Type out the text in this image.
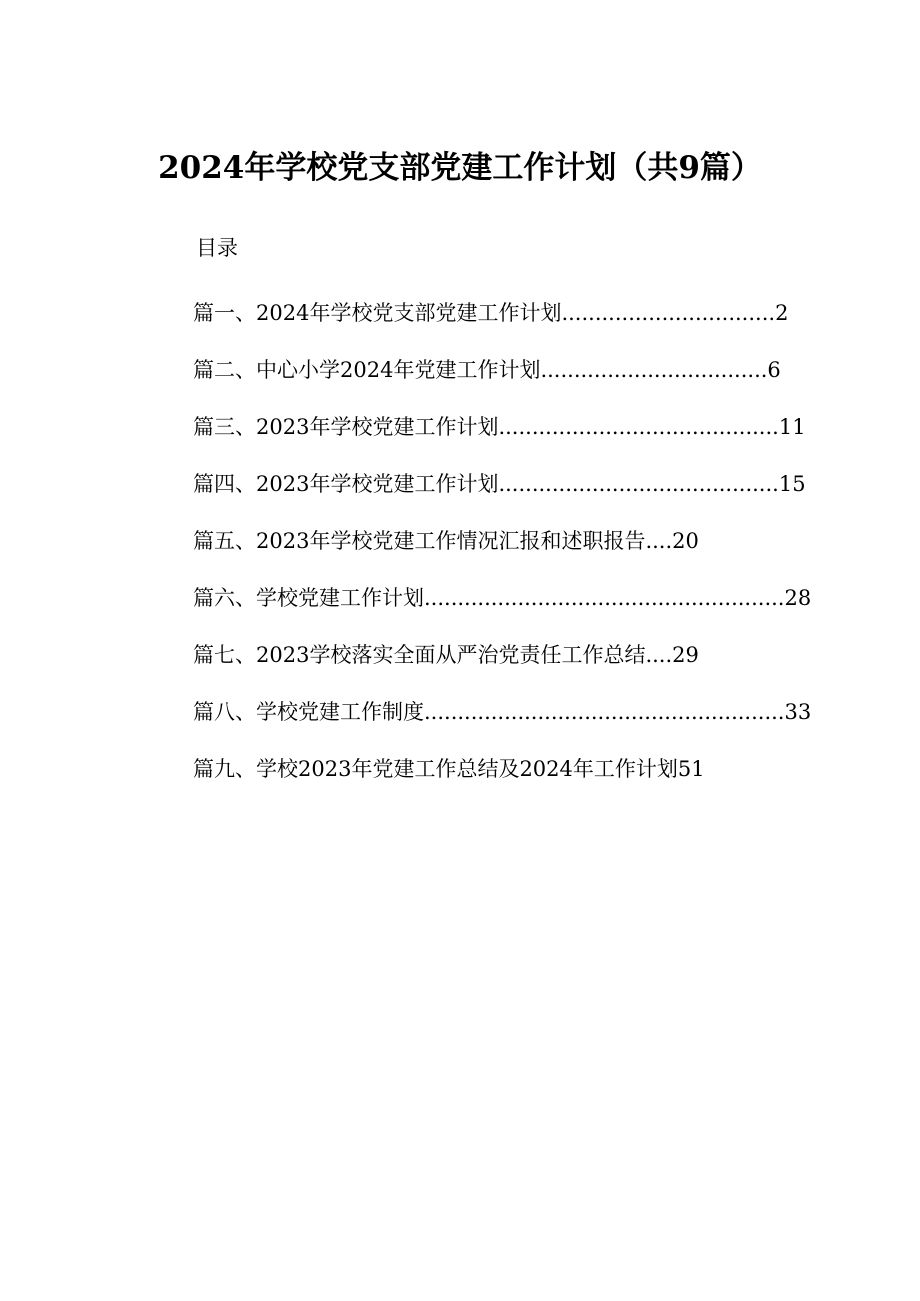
2024年学校党支部党建工作计划（共9篇）
目录
篇一、2024年学校党支部党建工作计划 ................................ 2
篇二、中心小学2024年党建工作计划 .................................. 6
篇三、2023年学校党建工作计划 .......................................... 11
篇四、2023年学校党建工作计划 .......................................... 15
篇五、2023年学校党建工作情况汇报和述职报告 .... 20
篇六、学校党建工作计划 ...................................................... 28
篇七、2023学校落实全面从严治党责任工作总结 .... 29
篇八、学校党建工作制度 ...................................................... 33
篇九、学校2023年党建工作总结及2024年工作计划 51
